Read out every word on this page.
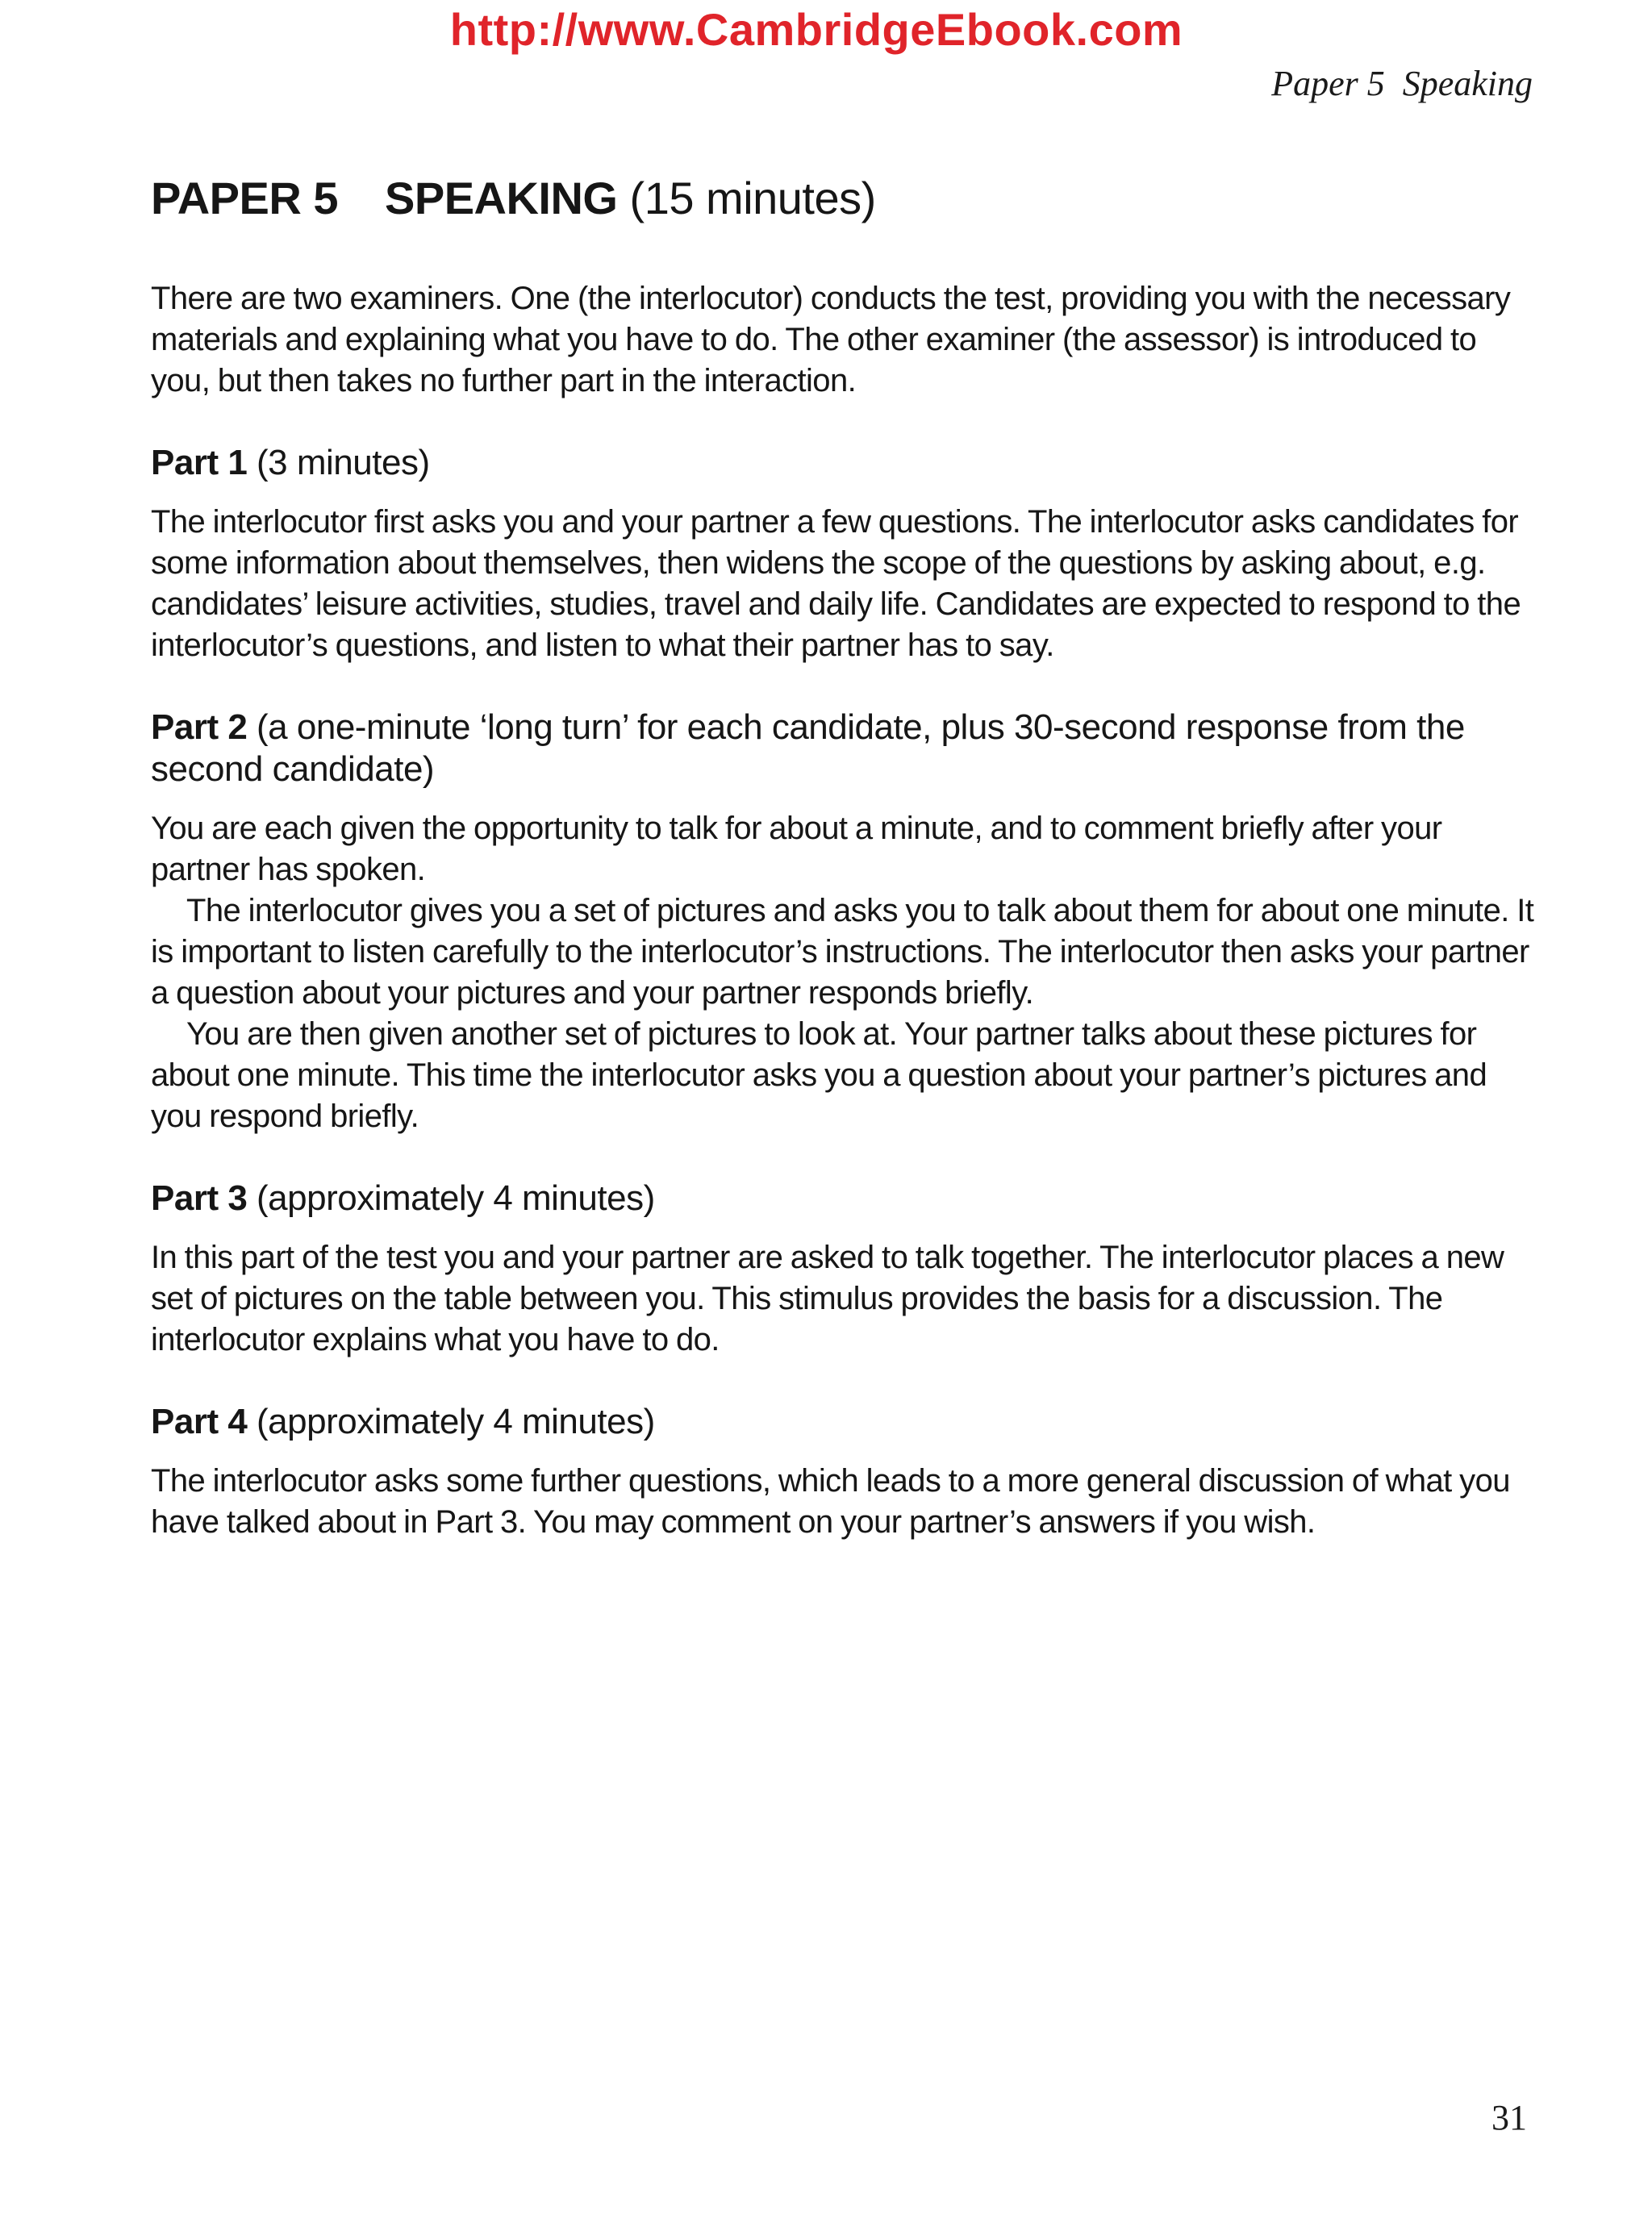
http://www.CambridgeEbook.com
Paper 5  Speaking
PAPER 5 SPEAKING (15 minutes)

There are two examiners. One (the interlocutor) conducts the test, providing you with the necessary materials and explaining what you have to do. The other examiner (the assessor) is introduced to you, but then takes no further part in the interaction.

Part 1 (3 minutes)

The interlocutor first asks you and your partner a few questions. The interlocutor asks candidates for some information about themselves, then widens the scope of the questions by asking about, e.g. candidates’ leisure activities, studies, travel and daily life. Candidates are expected to respond to the interlocutor’s questions, and listen to what their partner has to say.

Part 2 (a one-minute ‘long turn’ for each candidate, plus 30-second response from the second candidate)

You are each given the opportunity to talk for about a minute, and to comment briefly after your partner has spoken.

The interlocutor gives you a set of pictures and asks you to talk about them for about one minute. It is important to listen carefully to the interlocutor’s instructions. The interlocutor then asks your partner a question about your pictures and your partner responds briefly.

You are then given another set of pictures to look at. Your partner talks about these pictures for about one minute. This time the interlocutor asks you a question about your partner’s pictures and you respond briefly.

Part 3 (approximately 4 minutes)

In this part of the test you and your partner are asked to talk together. The interlocutor places a new set of pictures on the table between you. This stimulus provides the basis for a discussion. The interlocutor explains what you have to do.

Part 4 (approximately 4 minutes)

The interlocutor asks some further questions, which leads to a more general discussion of what you have talked about in Part 3. You may comment on your partner’s answers if you wish.

31
